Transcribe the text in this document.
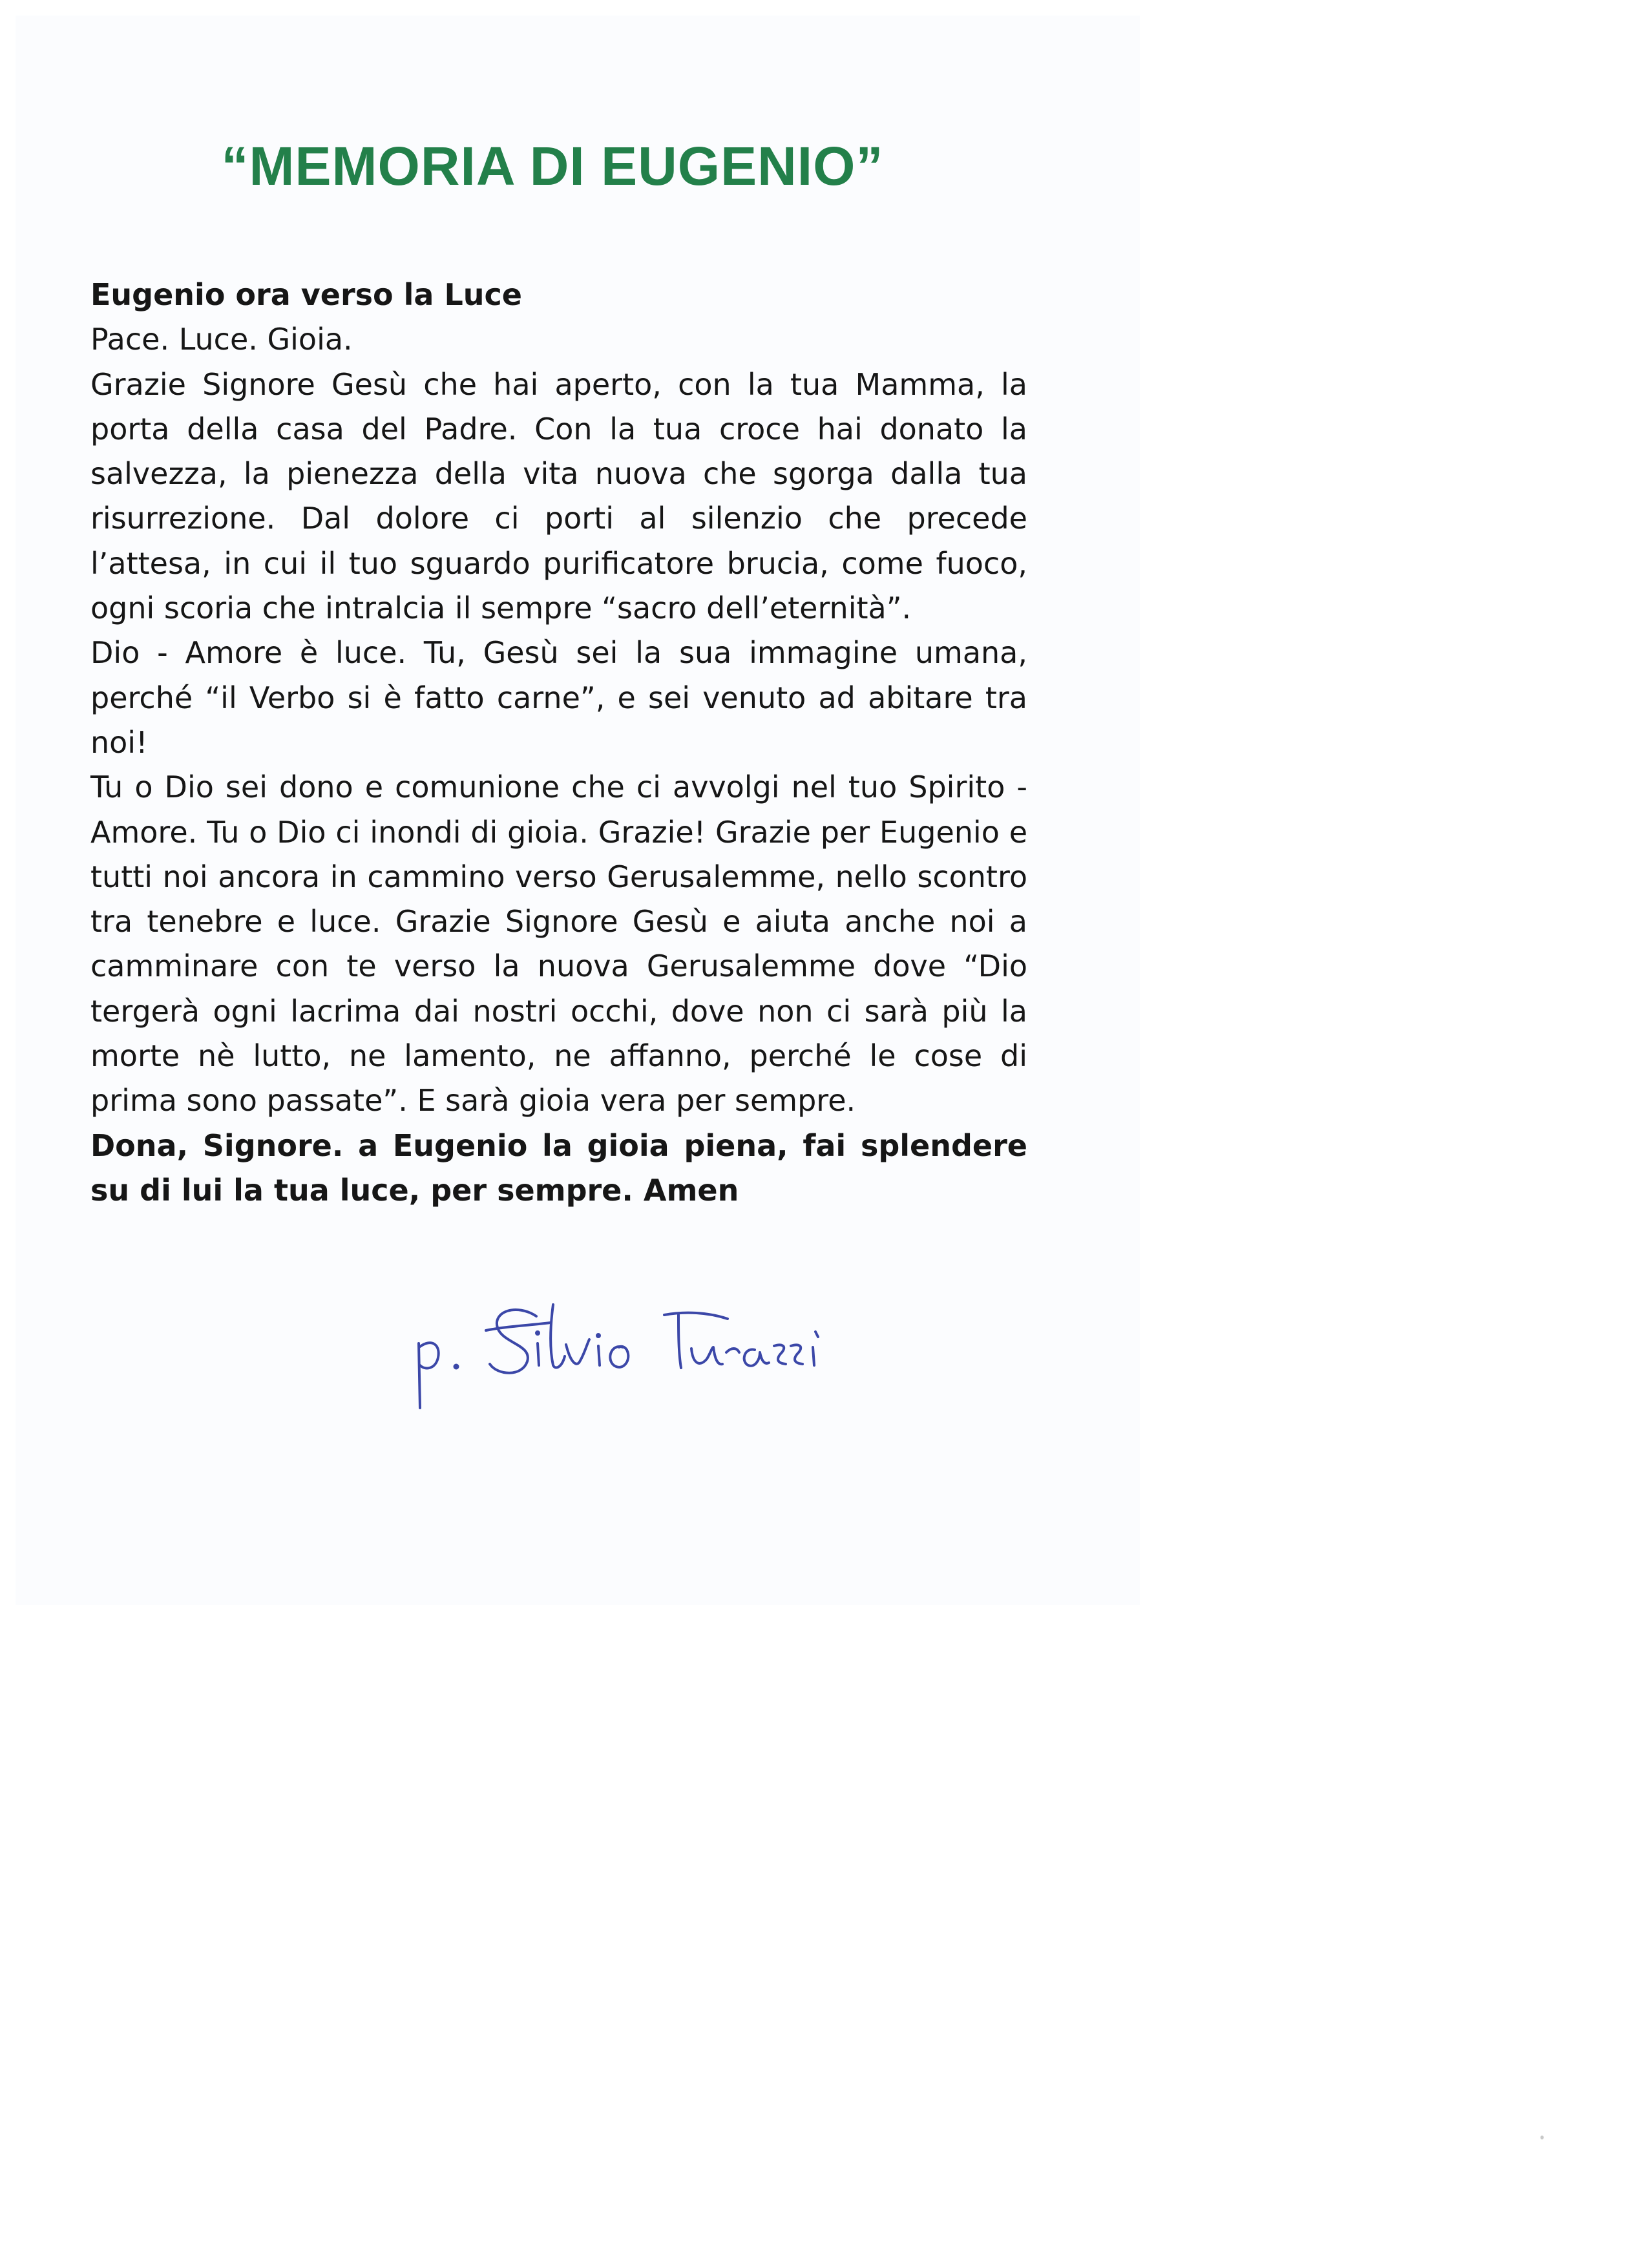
“MEMORIA DI EUGENIO”

Eugenio ora verso la Luce

Pace. Luce. Gioia.

Grazie Signore Gesù che hai aperto, con la tua Mamma, la porta della casa del Padre. Con la tua croce hai donato la salvezza, la pienezza della vita nuova che sgorga dalla tua risurrezione. Dal dolore ci porti al silenzio che precede l’attesa, in cui il tuo sguardo purificatore brucia, come fuoco, ogni scoria che intralcia il sempre “sacro dell’eternità”.

Dio - Amore è luce. Tu, Gesù sei la sua immagine umana, perché “il Verbo si è fatto carne”, e sei venuto ad abitare tra noi!

Tu o Dio sei dono e comunione che ci avvolgi nel tuo Spirito - Amore. Tu o Dio ci inondi di gioia. Grazie! Grazie per Eugenio e tutti noi ancora in cammino verso Gerusalemme, nello scontro tra tenebre e luce. Grazie Signore Gesù e aiuta anche noi a camminare con te verso la nuova Gerusalemme dove “Dio tergerà ogni lacrima dai nostri occhi, dove non ci sarà più la morte nè lutto, ne lamento, ne affanno, perché le cose di prima sono passate”. E sarà gioia vera per sempre.

Dona, Signore. a Eugenio la gioia piena, fai splendere su di lui la tua luce, per sempre. Amen
